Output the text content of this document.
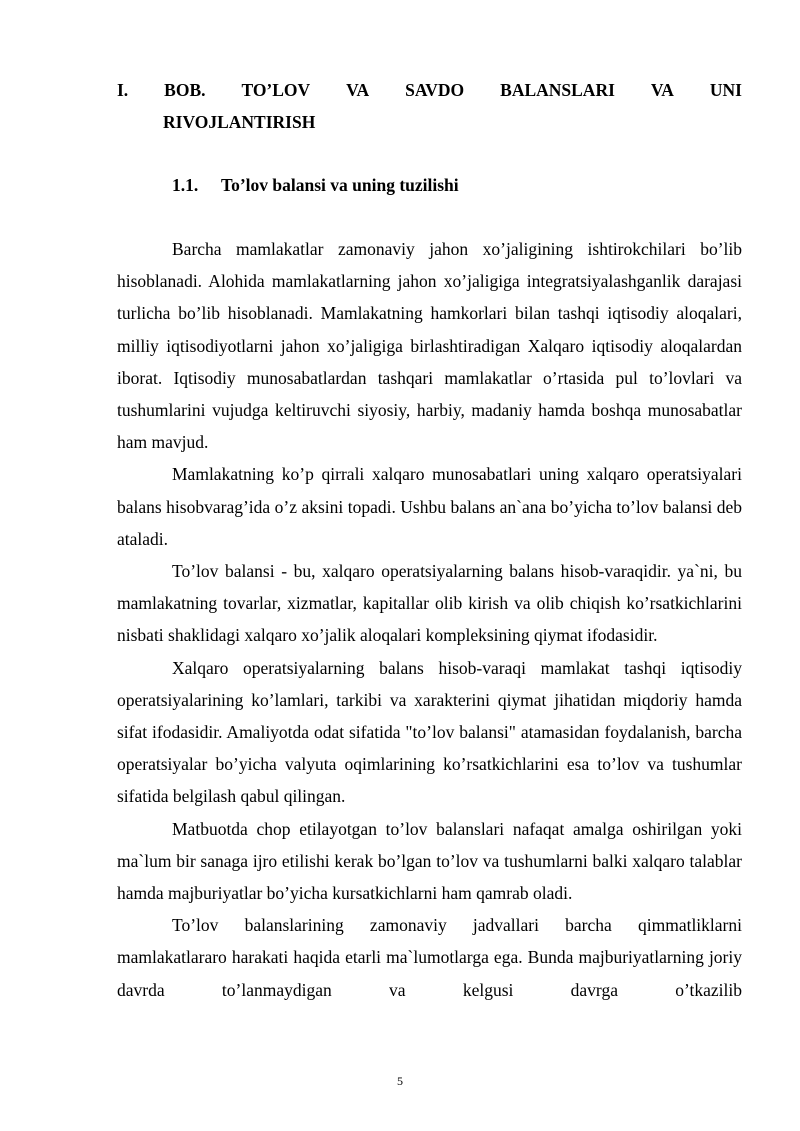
I. BOB. TO’LOV VA SAVDO BALANSLARI VA UNI
RIVOJLANTIRISH
1.1. To’lov balansi va uning tuzilishi

Barcha mamlakatlar zamonaviy jahon xo’jaligining ishtirokchilari bo’lib hisoblanadi. Alohida mamlakatlarning jahon xo’jaligiga integratsiyalashganlik darajasi turlicha bo’lib hisoblanadi. Mamlakatning hamkorlari bilan tashqi iqtisodiy aloqalari, milliy iqtisodiyotlarni jahon xo’jaligiga birlashtiradigan Xalqaro iqtisodiy aloqalardan iborat. Iqtisodiy munosabatlardan tashqari mamlakatlar o’rtasida pul to’lovlari va tushumlarini vujudga keltiruvchi siyosiy, harbiy, madaniy hamda boshqa munosabatlar ham mavjud.

Mamlakatning ko’p qirrali xalqaro munosabatlari uning xalqaro operatsiyalari balans hisobvarag’ida o’z aksini topadi. Ushbu balans an`ana bo’yicha to’lov balansi deb ataladi.

To’lov balansi - bu, xalqaro operatsiyalarning balans hisob-varaqidir. ya`ni, bu mamlakatning tovarlar, xizmatlar, kapitallar olib kirish va olib chiqish ko’rsatkichlarini nisbati shaklidagi xalqaro xo’jalik aloqalari kompleksining qiymat ifodasidir.

Xalqaro operatsiyalarning balans hisob-varaqi mamlakat tashqi iqtisodiy operatsiyalarining ko’lamlari, tarkibi va xarakterini qiymat jihatidan miqdoriy hamda sifat ifodasidir. Amaliyotda odat sifatida "to’lov balansi" atamasidan foydalanish, barcha operatsiyalar bo’yicha valyuta oqimlarining ko’rsatkichlarini esa to’lov va tushumlar sifatida belgilash qabul qilingan.

Matbuotda chop etilayotgan to’lov balanslari nafaqat amalga oshirilgan yoki ma`lum bir sanaga ijro etilishi kerak bo’lgan to’lov va tushumlarni balki xalqaro talablar hamda majburiyatlar bo’yicha kursatkichlarni ham qamrab oladi.

To’lov balanslarining zamonaviy jadvallari barcha qimmatliklarni mamlakatlararo harakati haqida etarli ma`lumotlarga ega. Bunda majburiyatlarning joriy davrda to’lanmaydigan va kelgusi davrga o’tkazilib

5
